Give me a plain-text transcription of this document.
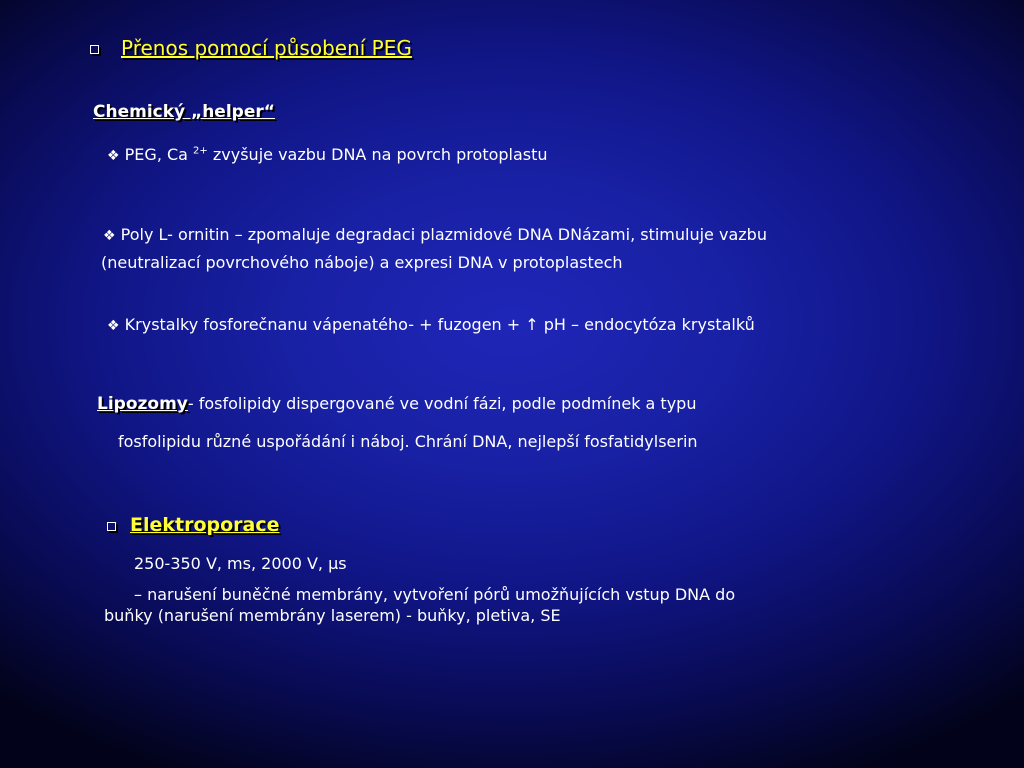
Přenos pomocí působení PEG
Chemický „helper“
❖ PEG, Ca $^{2+}$ zvyšuje vazbu DNA na povrch protoplastu
❖ Poly L- ornitin – zpomaluje degradaci plazmidové DNA DNázami, stimuluje vazbu
(neutralizací povrchového náboje) a expresi DNA v protoplastech
❖ Krystalky fosforečnanu vápenatého- + fuzogen + ↑ pH – endocytóza krystalků
Lipozomy- fosfolipidy dispergované ve vodní fázi, podle podmínek a typu
fosfolipidu různé uspořádání i náboj. Chrání DNA, nejlepší fosfatidylserin
Elektroporace
250-350 V, ms, 2000 V, μs
– narušení buněčné membrány, vytvoření pórů umožňujících vstup DNA do
buňky (narušení membrány laserem) - buňky, pletiva, SE
